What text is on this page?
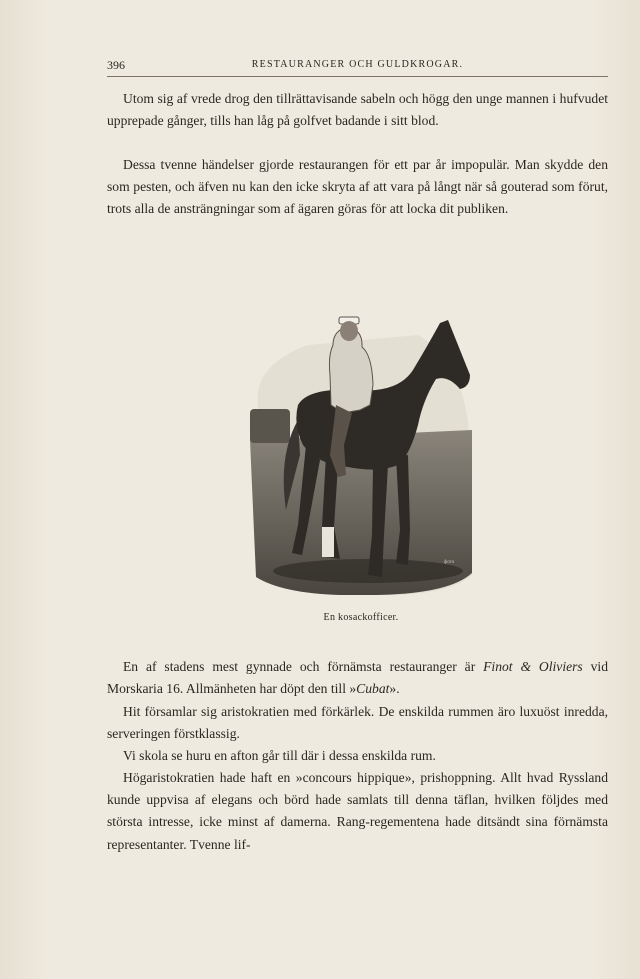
396	RESTAURANGER OCH GULDKROGAR.

Utom sig af vrede drog den tillrättavisande sabeln och högg den unge mannen i hufvudet upprepade gånger, tills han låg på golfvet badande i sitt blod.

Dessa tvenne händelser gjorde restaurangen för ett par år impopulär. Man skydde den som pesten, och äfven nu kan den icke skryta af att vara på långt när så gouterad som förut, trots alla de ansträngningar som af ägaren göras för att locka dit publiken.

фото
En kosackofficer.

En af stadens mest gynnade och förnämsta restauranger är Finot & Oliviers vid Morskaria 16. Allmänheten har döpt den till »Cubat».

Hit församlar sig aristokratien med förkärlek. De enskilda rummen äro luxuöst inredda, serveringen förstklassig.

Vi skola se huru en afton går till där i dessa enskilda rum.

Högaristokratien hade haft en »concours hippique», prishoppning. Allt hvad Ryssland kunde uppvisa af elegans och börd hade samlats till denna täflan, hvilken följdes med största intresse, icke minst af damerna. Rang-regementena hade ditsändt sina förnämsta representanter. Tvenne lif-
